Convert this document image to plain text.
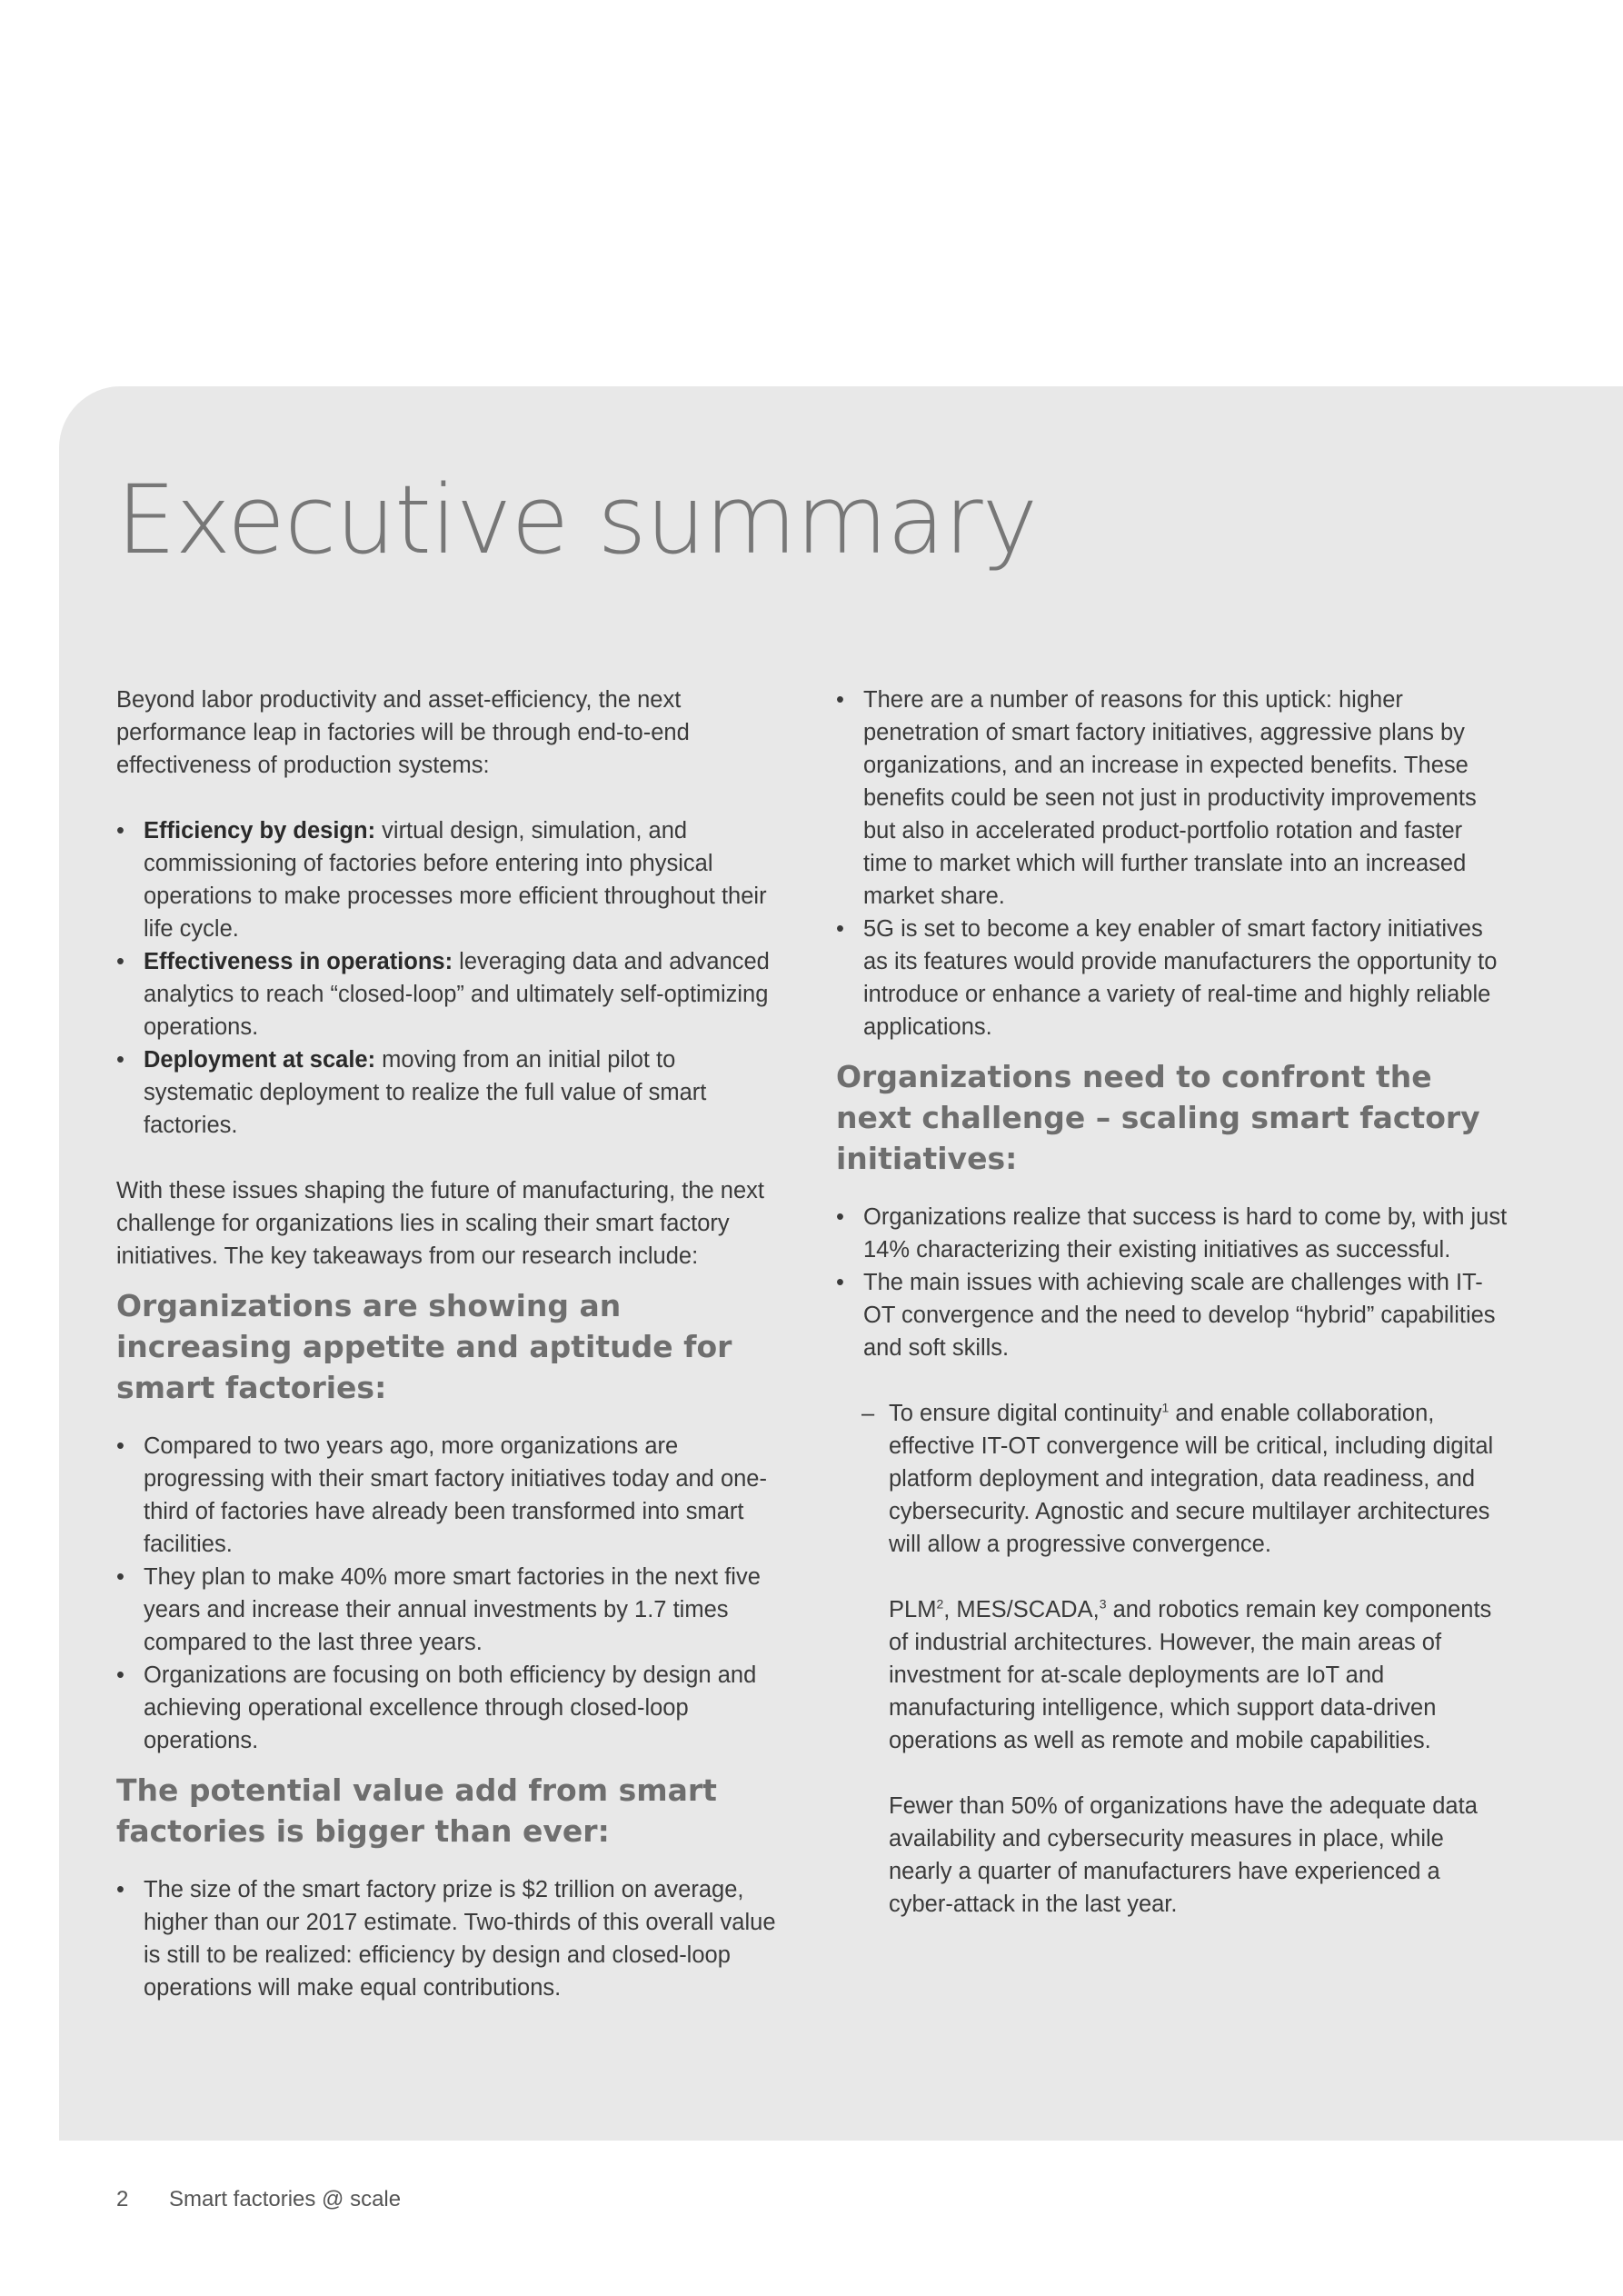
Executive summary

Beyond labor productivity and asset-efficiency, the next performance leap in factories will be through end-to-end effectiveness of production systems:

• Efficiency by design: virtual design, simulation, and commissioning of factories before entering into physical operations to make processes more efficient throughout their life cycle.
• Effectiveness in operations: leveraging data and advanced analytics to reach “closed-loop” and ultimately self-optimizing operations.
• Deployment at scale: moving from an initial pilot to systematic deployment to realize the full value of smart factories.

With these issues shaping the future of manufacturing, the next challenge for organizations lies in scaling their smart factory initiatives. The key takeaways from our research include:

Organizations are showing an increasing appetite and aptitude for smart factories:
• Compared to two years ago, more organizations are progressing with their smart factory initiatives today and one-third of factories have already been transformed into smart facilities.
• They plan to make 40% more smart factories in the next five years and increase their annual investments by 1.7 times compared to the last three years.
• Organizations are focusing on both efficiency by design and achieving operational excellence through closed-loop operations.
The potential value add from smart factories is bigger than ever:
• The size of the smart factory prize is $2 trillion on average, higher than our 2017 estimate. Two-thirds of this overall value is still to be realized: efficiency by design and closed-loop operations will make equal contributions.
• There are a number of reasons for this uptick: higher penetration of smart factory initiatives, aggressive plans by organizations, and an increase in expected benefits. These benefits could be seen not just in productivity improvements but also in accelerated product-portfolio rotation and faster time to market which will further translate into an increased market share.
• 5G is set to become a key enabler of smart factory initiatives as its features would provide manufacturers the opportunity to introduce or enhance a variety of real-time and highly reliable applications.
Organizations need to confront the next challenge – scaling smart factory initiatives:
• Organizations realize that success is hard to come by, with just 14% characterizing their existing initiatives as successful.
• The main issues with achieving scale are challenges with IT-OT convergence and the need to develop “hybrid” capabilities and soft skills.
– To ensure digital continuity$^1$ and enable collaboration, effective IT-OT convergence will be critical, including digital platform deployment and integration, data readiness, and cybersecurity. Agnostic and secure multilayer architectures will allow a progressive convergence.

PLM$^2$, MES/SCADA,$^3$ and robotics remain key components of industrial architectures. However, the main areas of investment for at-scale deployments are IoT and manufacturing intelligence, which support data-driven operations as well as remote and mobile capabilities.

Fewer than 50% of organizations have the adequate data availability and cybersecurity measures in place, while nearly a quarter of manufacturers have experienced a cyber-attack in the last year.

2 Smart factories @ scale
